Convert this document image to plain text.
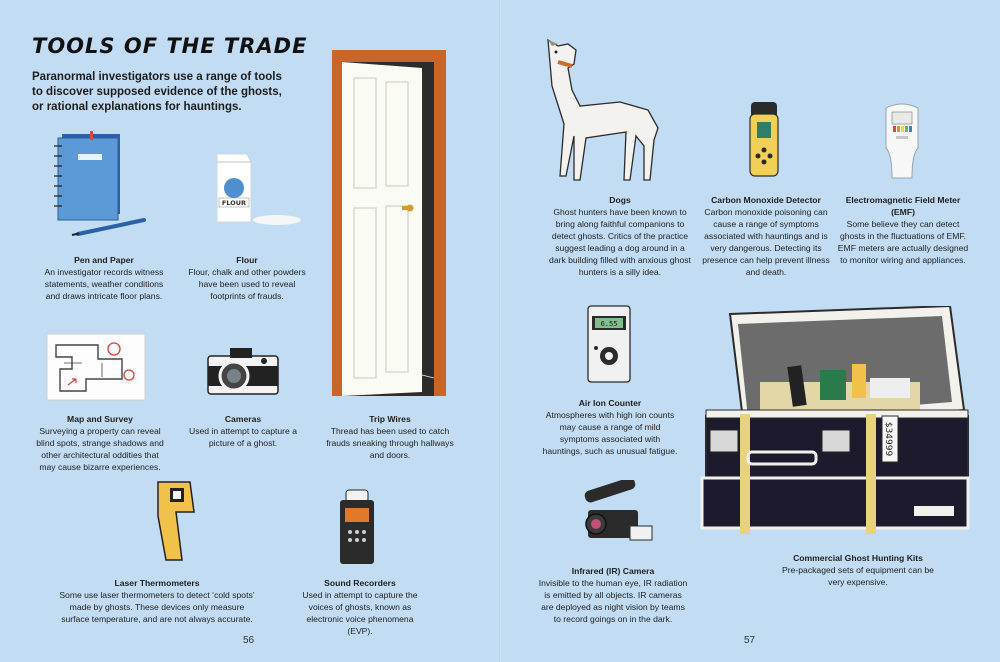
TOOLS OF THE TRADE
Paranormal investigators use a range of tools to discover supposed evidence of the ghosts, or rational explanations for hauntings.
Pen and Paper
An investigator records witness statements, weather conditions and draws intricate floor plans.
FLOUR
Flour
Flour, chalk and other powders have been used to reveal footprints of frauds.
Map and Survey
Surveying a property can reveal blind spots, strange shadows and other architectural oddities that may cause bizarre experiences.
Cameras
Used in attempt to capture a picture of a ghost.
Trip Wires
Thread has been used to catch frauds sneaking through hallways and doors.
Laser Thermometers
Some use laser thermometers to detect ‘cold spots’ made by ghosts. These devices only measure surface temperature, and are not always accurate.
Sound Recorders
Used in attempt to capture the voices of ghosts, known as electronic voice phenomena (EVP).
56
Dogs
Ghost hunters have been known to bring along faithful companions to detect ghosts. Critics of the practice suggest leading a dog around in a dark building filled with anxious ghost hunters is a silly idea.
Carbon Monoxide Detector
Carbon monoxide poisoning can cause a range of symptoms associated with hauntings and is very dangerous. Detecting its presence can help prevent illness and death.
Electromagnetic Field Meter (EMF)
Some believe they can detect ghosts in the fluctuations of EMF. EMF meters are actually designed to monitor wiring and appliances.
6.55
Air Ion Counter
Atmospheres with high ion counts may cause a range of mild symptoms associated with hauntings, such as unusual fatigue.
Infrared (IR) Camera
Invisible to the human eye, IR radiation is emitted by all objects. IR cameras are deployed as night vision by teams to record goings on in the dark.
$34999
Commercial Ghost Hunting Kits
Pre-packaged sets of equipment can be very expensive.
57
